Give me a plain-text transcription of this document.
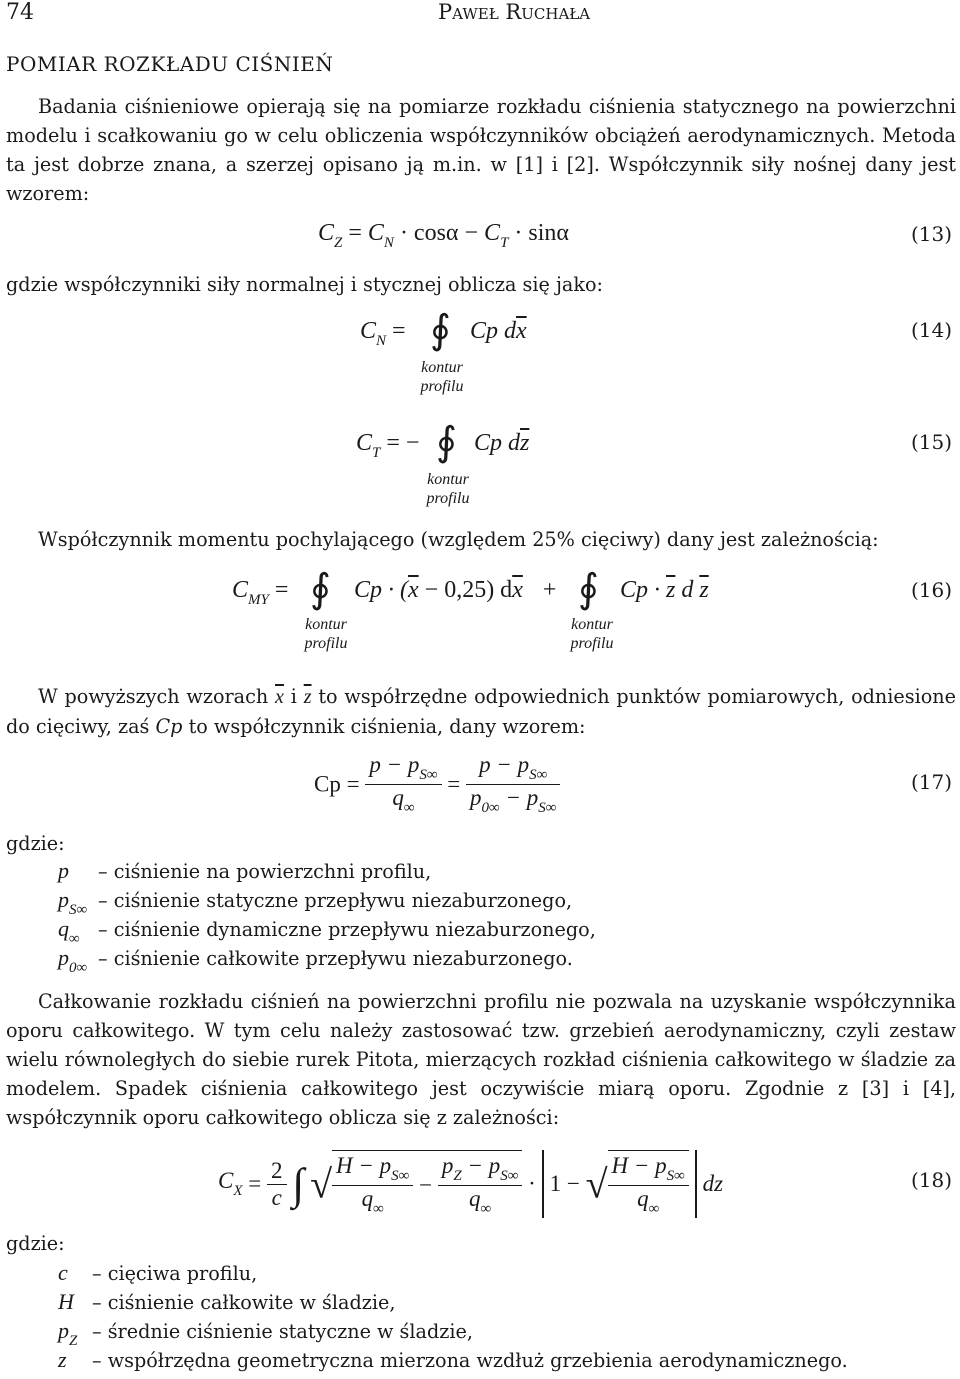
74	Paweł Ruchała
POMIAR ROZKŁADU CIŚNIEŃ
Badania ciśnieniowe opierają się na pomiarze rozkładu ciśnienia statycznego na powierzchni modelu i scałkowaniu go w celu obliczenia współczynników obciążeń aerodynamicznych. Metoda ta jest dobrze znana, a szerzej opisano ją m.in. w [1] i [2]. Współczynnik siły nośnej dany jest wzorem:
$C_Z = C_N \cdot \cos\alpha - C_T \cdot \sin\alpha$	(13)
gdzie współczynniki siły normalnej i stycznej oblicza się jako:
$C_N$ = ∮ Cp $d\overline{x}$
kontur
profilu
(14)
$C_T$ = − ∮ Cp $d\overline{z}$
kontur
profilu
(15)
Współczynnik momentu pochylającego (względem 25% cięciwy) dany jest zależnością:
$C_{MY}$ = ∮ $Cp \cdot (\overline{x} - 0,25) d\overline{x}$ + ∮ $Cp \cdot \overline{z}$ d $\overline{z}$
kontur
profilu
kontur
profilu
(16)
W powyższych wzorach $\overline{x}$ i $\overline{z}$ to współrzędne odpowiednich punktów pomiarowych, odniesione do cięciwy, zaś Cp to współczynnik ciśnienia, dany wzorem:
$Cp = \frac{p - p_{S\infty}}{q_\infty} = \frac{p - p_{S\infty}}{p_{0\infty} - p_{S\infty}}$	(17)
gdzie:
p – ciśnienie na powierzchni profilu,
$p_{S\infty}$ – ciśnienie statyczne przepływu niezaburzonego,
$q_\infty$ – ciśnienie dynamiczne przepływu niezaburzonego,
$p_{0\infty}$ – ciśnienie całkowite przepływu niezaburzonego.
Całkowanie rozkładu ciśnień na powierzchni profilu nie pozwala na uzyskanie współczynnika oporu całkowitego. W tym celu należy zastosować tzw. grzebień aerodynamiczny, czyli zestaw wielu równoległych do siebie rurek Pitota, mierzących rozkład ciśnienia całkowitego w śladzie za modelem. Spadek ciśnienia całkowitego jest oczywiście miarą oporu. Zgodnie z [3] i [4], współczynnik oporu całkowitego oblicza się z zależności:
$C_X = \frac{2}{c}$ ∫ √ $\frac{H - p_{S\infty}}{q_\infty} - \frac{p_Z - p_{S\infty}}{q_\infty} \cdot 1$ − √ $\frac{H - p_{S\infty}}{q_\infty}$ dz	(18)
gdzie:
c – cięciwa profilu,
H – ciśnienie całkowite w śladzie,
$p_Z$ – średnie ciśnienie statyczne w śladzie,
z – współrzędna geometryczna mierzona wzdłuż grzebienia aerodynamicznego.
